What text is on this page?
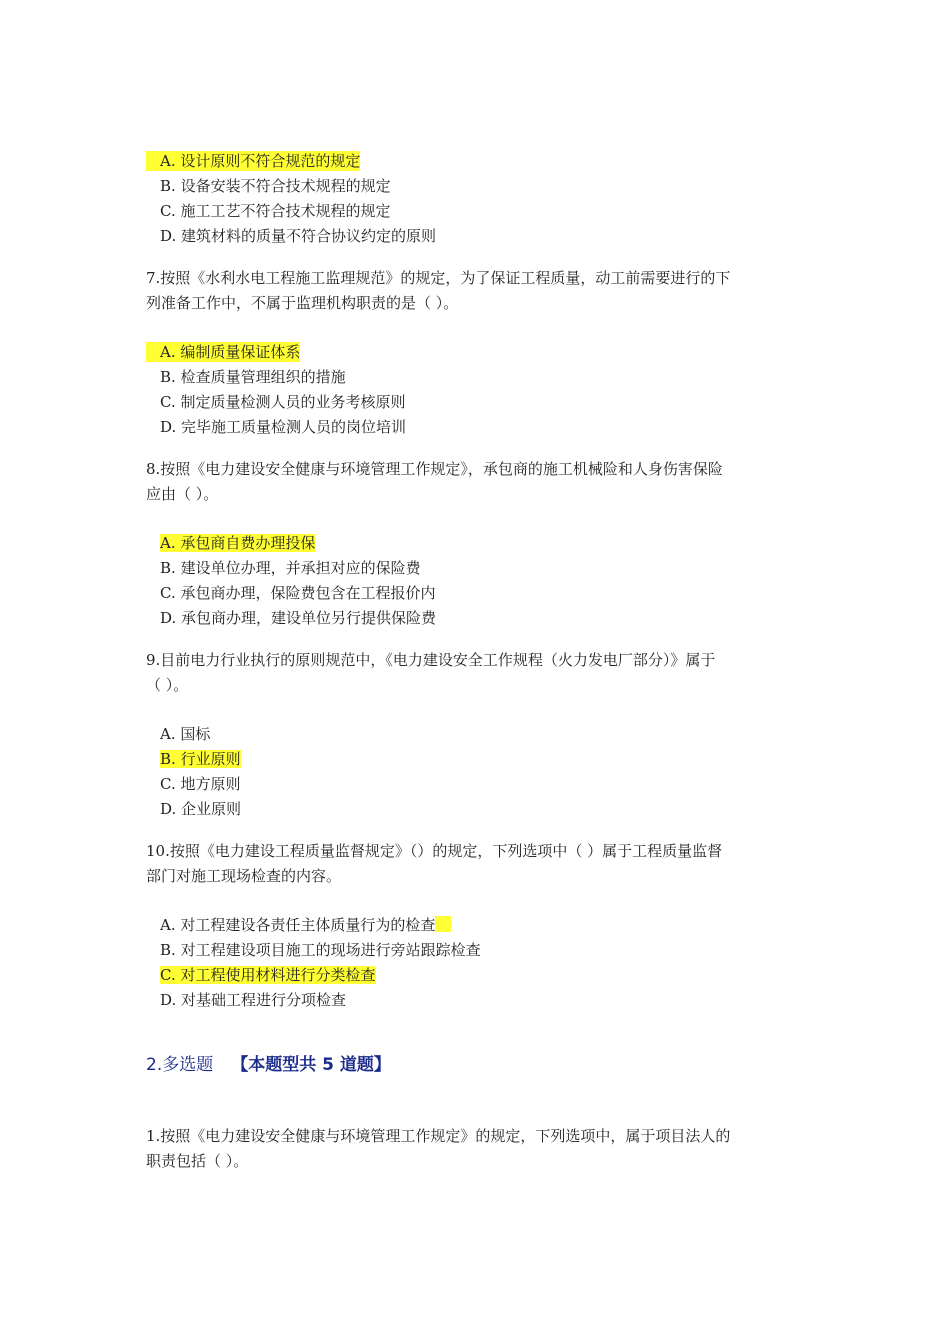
A. 设计原则不符合规范的规定
B. 设备安装不符合技术规程的规定
C. 施工工艺不符合技术规程的规定
D. 建筑材料的质量不符合协议约定的原则
7.按照《水利水电工程施工监理规范》的规定，为了保证工程质量，动工前需要进行的下
列准备工作中，不属于监理机构职责的是（ ）。
A. 编制质量保证体系
B. 检查质量管理组织的措施
C. 制定质量检测人员的业务考核原则
D. 完毕施工质量检测人员的岗位培训
8.按照《电力建设安全健康与环境管理工作规定》，承包商的施工机械险和人身伤害保险
应由（ ）。
A. 承包商自费办理投保
B. 建设单位办理，并承担对应的保险费
C. 承包商办理，保险费包含在工程报价内
D. 承包商办理，建设单位另行提供保险费
9.目前电力行业执行的原则规范中，《电力建设安全工作规程（火力发电厂部分）》属于
（ ）。
A. 国标
B. 行业原则
C. 地方原则
D. 企业原则
10.按照《电力建设工程质量监督规定》（）的规定，下列选项中（ ）属于工程质量监督
部门对施工现场检查的内容。
A. 对工程建设各责任主体质量行为的检查
B. 对工程建设项目施工的现场进行旁站跟踪检查
C. 对工程使用材料进行分类检查
D. 对基础工程进行分项检查
2.多选题 【本题型共 5 道题】
1.按照《电力建设安全健康与环境管理工作规定》的规定，下列选项中，属于项目法人的
职责包括（ ）。
